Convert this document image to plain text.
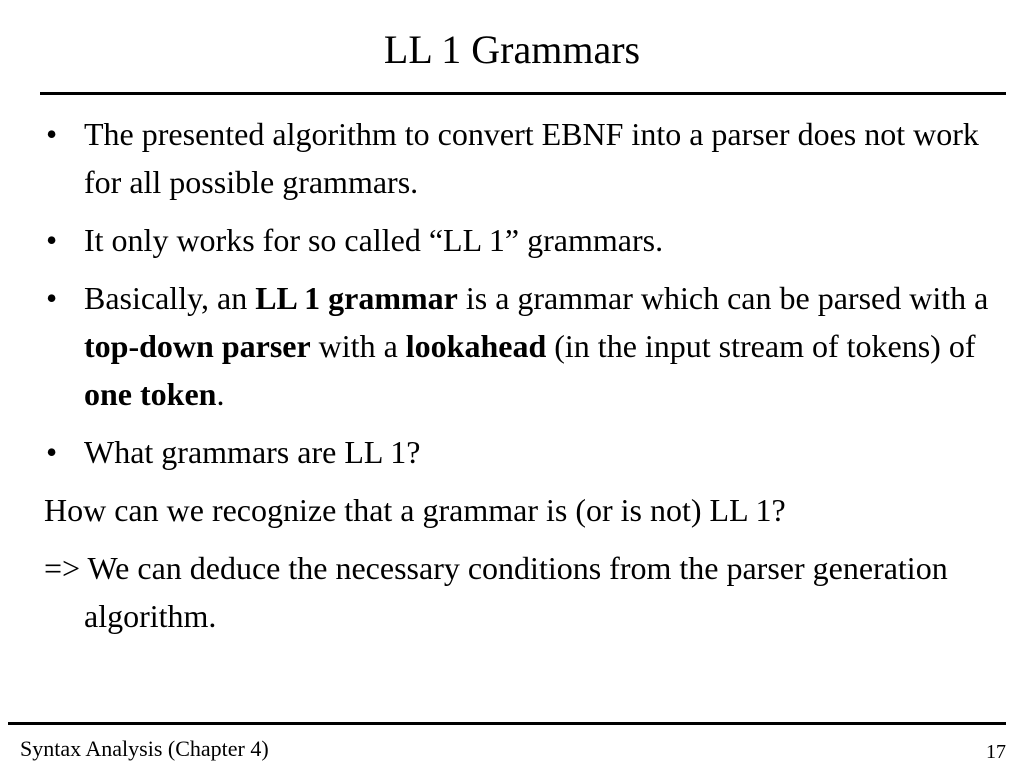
LL 1 Grammars
• The presented algorithm to convert EBNF into a parser does not work for all possible grammars.
• It only works for so called “LL 1” grammars.
• Basically, an LL 1 grammar is a grammar which can be parsed with a top-down parser with a lookahead (in the input stream of tokens) of one token.
• What grammars are LL 1?
How can we recognize that a grammar is (or is not) LL 1?
=> We can deduce the necessary conditions from the parser generation algorithm.
Syntax Analysis (Chapter 4)	17
